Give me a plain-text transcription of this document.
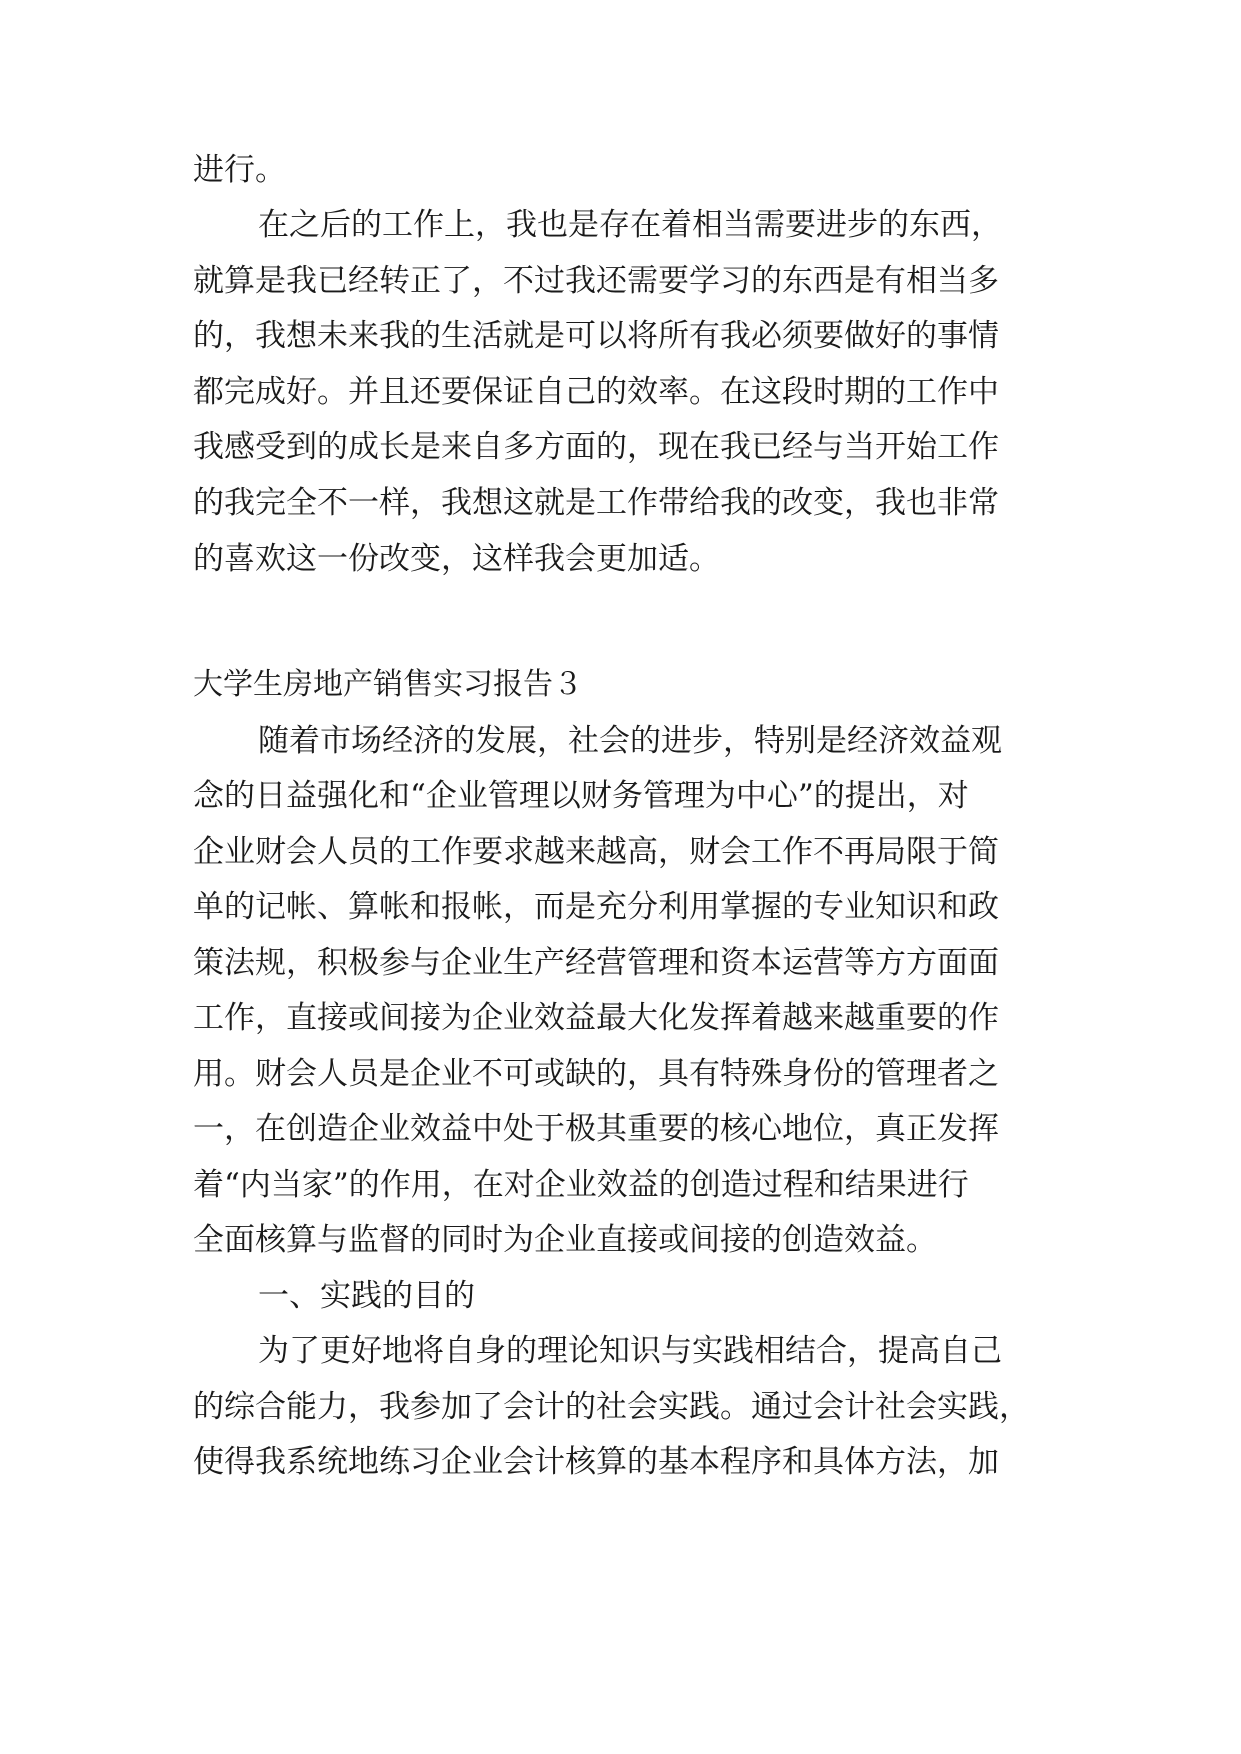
进行。
在之后的工作上，我也是存在着相当需要进步的东西，
就算是我已经转正了，不过我还需要学习的东西是有相当多
的，我想未来我的生活就是可以将所有我必须要做好的事情
都完成好。并且还要保证自己的效率。在这段时期的工作中
我感受到的成长是来自多方面的，现在我已经与当开始工作
的我完全不一样，我想这就是工作带给我的改变，我也非常
的喜欢这一份改变，这样我会更加适。
大学生房地产销售实习报告３
随着市场经济的发展，社会的进步，特别是经济效益观
念的日益强化和“企业管理以财务管理为中心”的提出，对
企业财会人员的工作要求越来越高，财会工作不再局限于简
单的记帐、算帐和报帐，而是充分利用掌握的专业知识和政
策法规，积极参与企业生产经营管理和资本运营等方方面面
工作，直接或间接为企业效益最大化发挥着越来越重要的作
用。财会人员是企业不可或缺的，具有特殊身份的管理者之
一，在创造企业效益中处于极其重要的核心地位，真正发挥
着“内当家”的作用，在对企业效益的创造过程和结果进行
全面核算与监督的同时为企业直接或间接的创造效益。
一、实践的目的
为了更好地将自身的理论知识与实践相结合，提高自己
的综合能力，我参加了会计的社会实践。通过会计社会实践，
使得我系统地练习企业会计核算的基本程序和具体方法，加
